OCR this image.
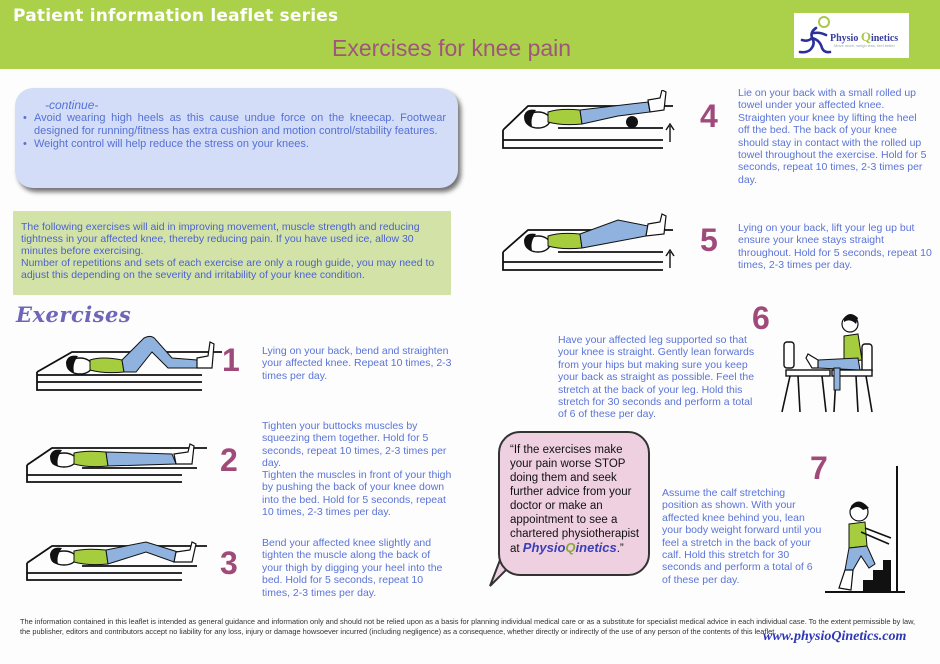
Patient information leaflet series
Exercises for knee pain	Physio Qinetics
Move more, weigh less, feel better
-continue-
• Avoid wearing high heels as this cause undue force on the kneecap. Footwear designed for running/fitness has extra cushion and motion control/stability features.
• Weight control will help reduce the stress on your knees.
The following exercises will aid in improving movement, muscle strength and reducing tightness in your affected knee, thereby reducing pain. If you have used ice, allow 30 minutes before exercising.
Number of repetitions and sets of each exercise are only a rough guide, you may need to adjust this depending on the severity and irritability of your knee condition.
Exercises
1 Lying on your back, bend and straighten your affected knee. Repeat 10 times, 2-3 times per day.
2
Tighten your buttocks muscles by squeezing them together. Hold for 5 seconds, repeat 10 times, 2-3 times per day.
Tighten the muscles in front of your thigh by pushing the back of your knee down into the bed. Hold for 5 seconds, repeat 10 times, 2-3 times per day.
3
Bend your affected knee slightly and tighten the muscle along the back of your thigh by digging your heel into the bed. Hold for 5 seconds, repeat 10 times, 2-3 times per day.
4
Lie on your back with a small rolled up towel under your affected knee. Straighten your knee by lifting the heel off the bed. The back of your knee should stay in contact with the rolled up towel throughout the exercise. Hold for 5 seconds, repeat 10 times, 2-3 times per day.
5 Lying on your back, lift your leg up but ensure your knee stays straight throughout. Hold for 5 seconds, repeat 10 times, 2-3 times per day.
6
Have your affected leg supported so that your knee is straight. Gently lean forwards from your hips but making sure you keep your back as straight as possible. Feel the stretch at the back of your leg. Hold this stretch for 30 seconds and perform a total of 6 of these per day.
7
Assume the calf stretching position as shown. With your affected knee behind you, lean your body weight forward until you feel a stretch in the back of your calf. Hold this stretch for 30 seconds and perform a total of 6 of these per day.
“If the exercises make your pain worse STOP doing them and seek further advice from your doctor or make an appointment to see a chartered physiotherapist at PhysioQinetics.”
The information contained in this leaflet is intended as general guidance and information only and should not be relied upon as a basis for planning individual medical care or as a substitute for specialist medical advice in each individual case. To the extent permissible by law, the publisher, editors and contributors accept no liability for any loss, injury or damage howsoever incurred (including negligence) as a consequence, whether directly or indirectly of the use of any person of the contents of this leaflet.
www.physioQinetics.com
